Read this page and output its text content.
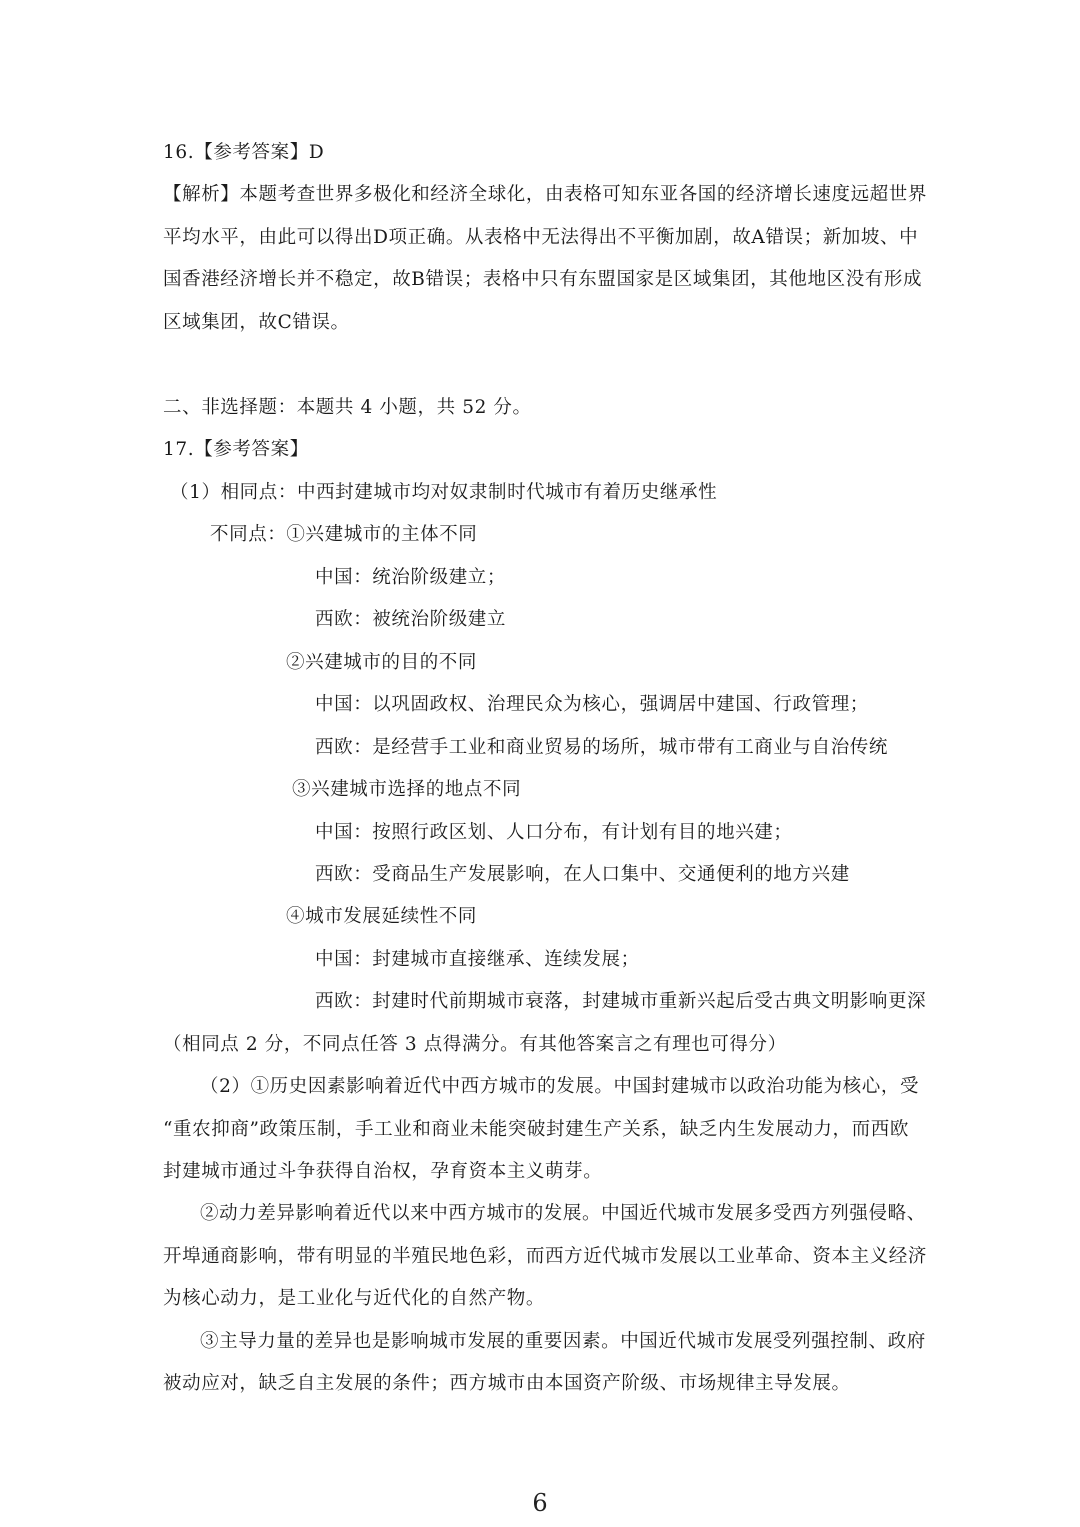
16.【参考答案】D
【解析】本题考查世界多极化和经济全球化，由表格可知东亚各国的经济增长速度远超世界
平均水平，由此可以得出D项正确。从表格中无法得出不平衡加剧，故A错误；新加坡、中
国香港经济增长并不稳定，故B错误；表格中只有东盟国家是区域集团，其他地区没有形成
区域集团，故C错误。
二、非选择题：本题共 4 小题，共 52 分。
17.【参考答案】
（1）相同点：中西封建城市均对奴隶制时代城市有着历史继承性
不同点：①兴建城市的主体不同
中国：统治阶级建立；
西欧：被统治阶级建立
②兴建城市的目的不同
中国：以巩固政权、治理民众为核心，强调居中建国、行政管理；
西欧：是经营手工业和商业贸易的场所，城市带有工商业与自治传统
③兴建城市选择的地点不同
中国：按照行政区划、人口分布，有计划有目的地兴建；
西欧：受商品生产发展影响，在人口集中、交通便利的地方兴建
④城市发展延续性不同
中国：封建城市直接继承、连续发展；
西欧：封建时代前期城市衰落，封建城市重新兴起后受古典文明影响更深
（相同点 2 分，不同点任答 3 点得满分。有其他答案言之有理也可得分）
（2）①历史因素影响着近代中西方城市的发展。中国封建城市以政治功能为核心，受
“重农抑商”政策压制，手工业和商业未能突破封建生产关系，缺乏内生发展动力，而西欧
封建城市通过斗争获得自治权，孕育资本主义萌芽。
②动力差异影响着近代以来中西方城市的发展。中国近代城市发展多受西方列强侵略、
开埠通商影响，带有明显的半殖民地色彩，而西方近代城市发展以工业革命、资本主义经济
为核心动力，是工业化与近代化的自然产物。
③主导力量的差异也是影响城市发展的重要因素。中国近代城市发展受列强控制、政府
被动应对，缺乏自主发展的条件；西方城市由本国资产阶级、市场规律主导发展。
6
